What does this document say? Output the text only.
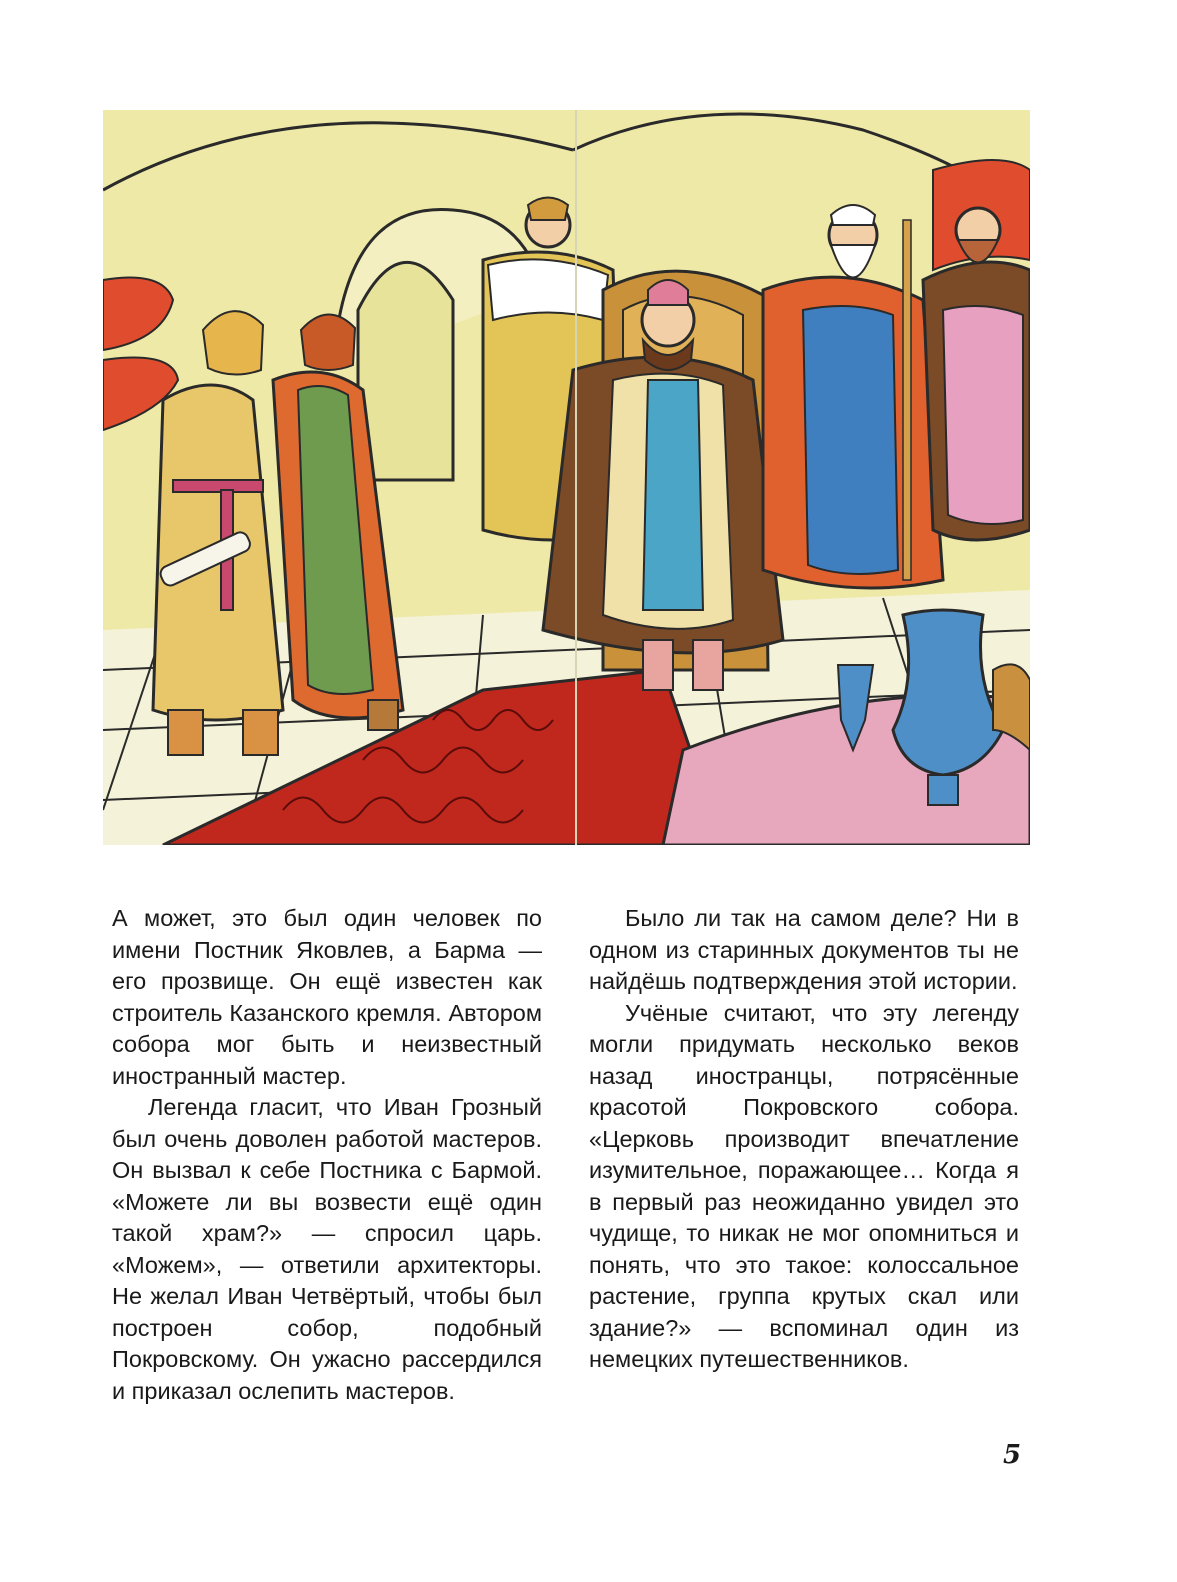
А может, это был один человек по имени Постник Яковлев, а Барма — его прозвище. Он ещё известен как строитель Казанского кремля. Автором собора мог быть и неизвестный иностранный мастер.

Легенда гласит, что Иван Грозный был очень доволен работой мастеров. Он вызвал к себе Постника с Бармой. «Можете ли вы возвести ещё один такой храм?» — спросил царь. «Можем», — ответили архитекторы. Не желал Иван Четвёртый, чтобы был построен собор, подобный Покровскому. Он ужасно рассердился и приказал ослепить мастеров.

Было ли так на самом деле? Ни в одном из старинных документов ты не найдёшь подтверждения этой истории.

Учёные считают, что эту легенду могли придумать несколько веков назад иностранцы, потрясённые красотой Покровского собора. «Церковь производит впечатление изумительное, поражающее… Когда я в первый раз неожиданно увидел это чудище, то никак не мог опомниться и понять, что это такое: колоссальное растение, группа крутых скал или здание?» — вспоминал один из немецких путешественников.

5
